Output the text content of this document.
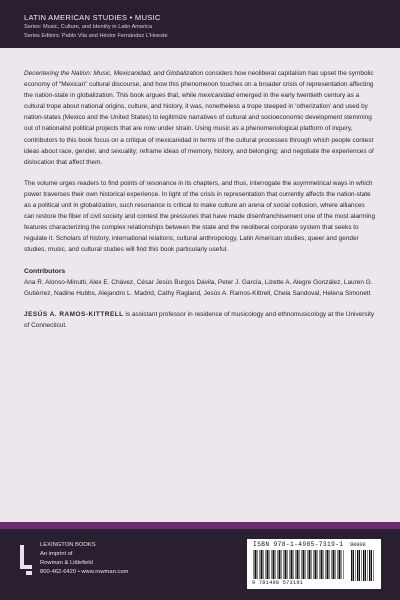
LATIN AMERICAN STUDIES • MUSIC
Series: Music, Culture, and Identity in Latin America
Series Editors: Pablo Vila and Héctor Fernández L’Hoeste

Decentering the Nation: Music, Mexicanidad, and Globalization considers how neoliberal capitalism has upset the symbolic economy of “Mexican” cultural discourse, and how this phenomenon touches on a broader crisis of representation affecting the nation-state in globalization. This book argues that, while mexicanidad emerged in the early twentieth century as a cultural trope about national origins, culture, and history, it was, nonetheless a trope steeped in ‘otherization’ and used by nation-states (Mexico and the United States) to legitimize narratives of cultural and socioeconomic development stemming out of nationalist political projects that are now under strain. Using music as a phenomenological platform of inquiry, contributors to this book focus on a critique of mexicanidad in terms of the cultural processes through which people contest ideas about race, gender, and sexuality; reframe ideas of memory, history, and belonging; and negotiate the experiences of dislocation that affect them.

The volume urges readers to find points of resonance in its chapters, and thus, interrogate the asymmetrical ways in which power traverses their own historical experience. In light of the crisis in representation that currently affects the nation-state as a political unit in globalization, such resonance is critical to make culture an arena of social collusion, where alliances can restore the fiber of civil society and contest the pressures that have made disenfranchisement one of the most alarming features characterizing the complex relationships between the state and the neoliberal corporate system that seeks to regulate it. Scholars of history, international relations, cultural anthropology, Latin American studies, queer and gender studies, music, and cultural studies will find this book particularly useful.

Contributors

Ana R. Alonso-Minutti, Alex E. Chávez, César Jesús Burgos Dávila, Peter J. García, Lizette A. Alegre González, Lauren G. Gutiérrez, Nadine Hubbs, Alejandro L. Madrid, Cathy Ragland, Jesús A. Ramos-Kittrell, Chela Sandoval, Helena Simonett

JESÚS A. RAMOS-KITTRELL is assistant professor in residence of musicology and ethnomusicology at the University of Connecticut.

LEXINGTON BOOKS
An imprint of
Rowman & Littlefield
800-462-6420 • www.rowman.com
ISBN 978-1-4985-7319-1 90000
9 781498 573191
